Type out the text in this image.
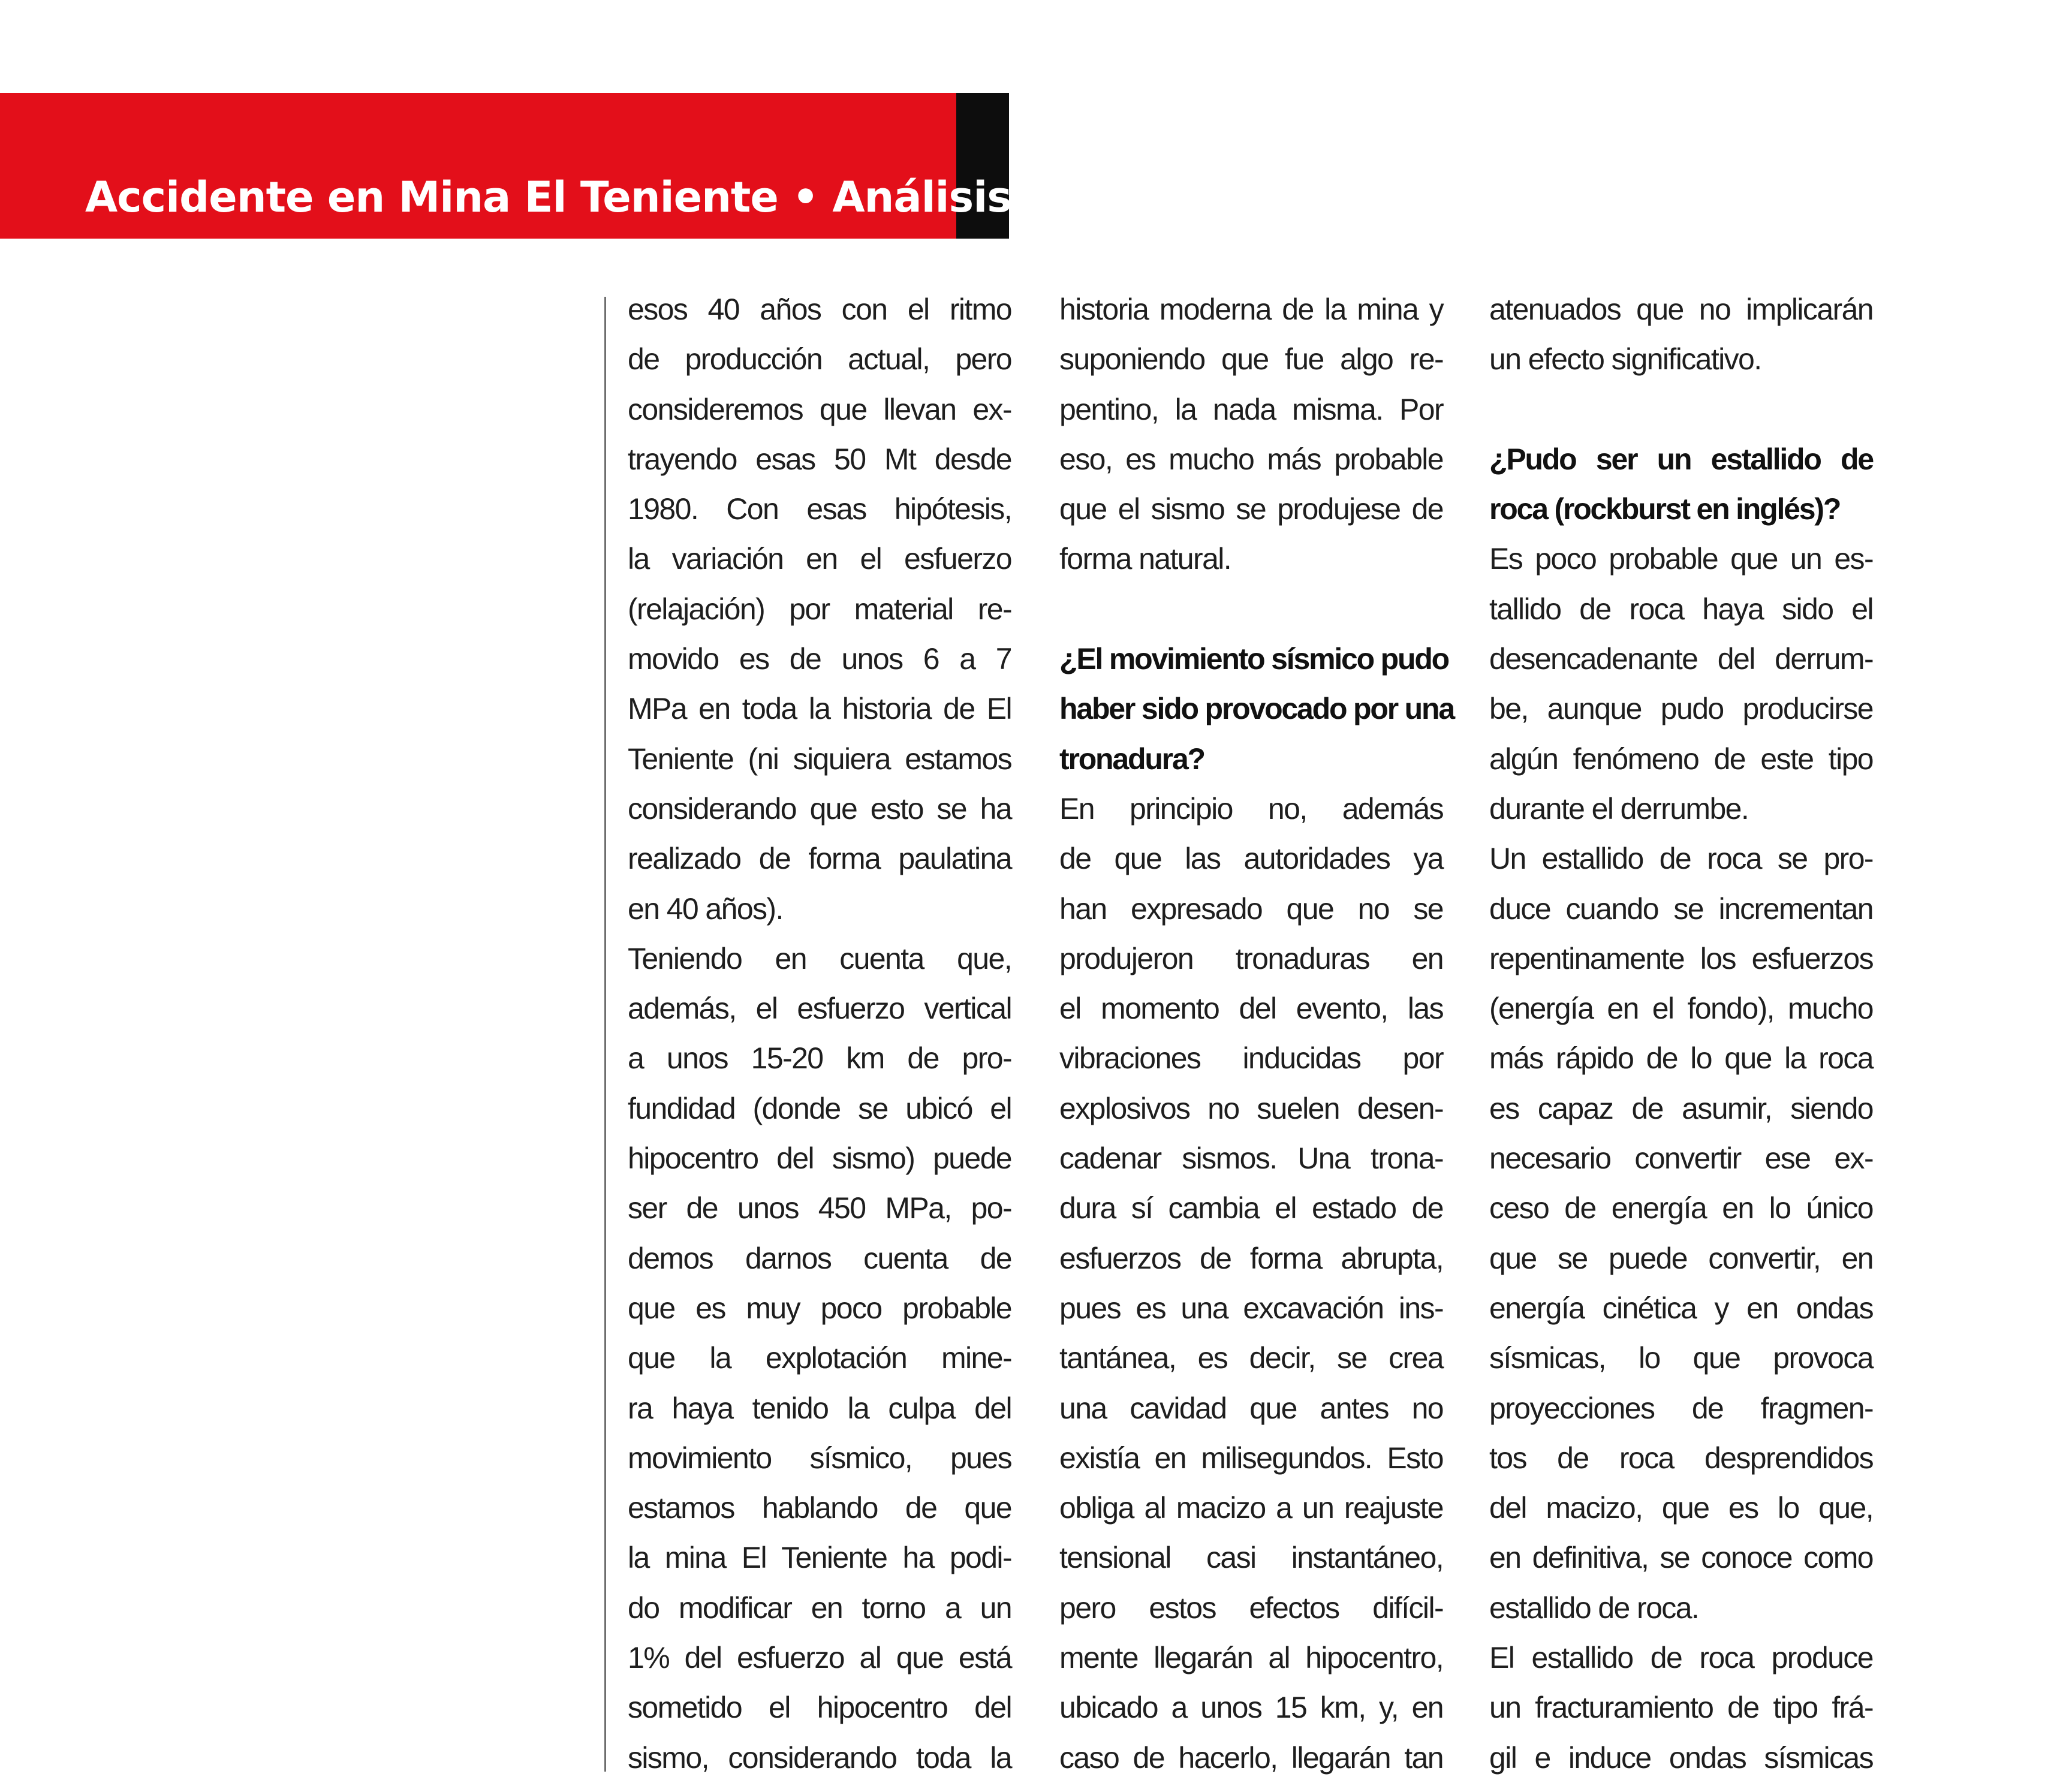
Accidente en Mina El Teniente • Análisis
esos 40 años con el ritmo
de producción actual, pero
consideremos que llevan ex-
trayendo esas 50 Mt desde
1980. Con esas hipótesis,
la variación en el esfuerzo
(relajación) por material re-
movido es de unos 6 a 7
MPa en toda la historia de El
Teniente (ni siquiera estamos
considerando que esto se ha
realizado de forma paulatina
en 40 años).
Teniendo en cuenta que,
además, el esfuerzo vertical
a unos 15-20 km de pro-
fundidad (donde se ubicó el
hipocentro del sismo) puede
ser de unos 450 MPa, po-
demos darnos cuenta de
que es muy poco probable
que la explotación mine-
ra haya tenido la culpa del
movimiento sísmico, pues
estamos hablando de que
la mina El Teniente ha podi-
do modificar en torno a un
1% del esfuerzo al que está
sometido el hipocentro del
sismo, considerando toda la
historia moderna de la mina y
suponiendo que fue algo re-
pentino, la nada misma. Por
eso, es mucho más probable
que el sismo se produjese de
forma natural.
¿El movimiento sísmico pudo
haber sido provocado por una
tronadura?
En principio no, además
de que las autoridades ya
han expresado que no se
produjeron tronaduras en
el momento del evento, las
vibraciones inducidas por
explosivos no suelen desen-
cadenar sismos. Una trona-
dura sí cambia el estado de
esfuerzos de forma abrupta,
pues es una excavación ins-
tantánea, es decir, se crea
una cavidad que antes no
existía en milisegundos. Esto
obliga al macizo a un reajuste
tensional casi instantáneo,
pero estos efectos difícil-
mente llegarán al hipocentro,
ubicado a unos 15 km, y, en
caso de hacerlo, llegarán tan
atenuados que no implicarán
un efecto significativo.
¿Pudo ser un estallido de
roca (rockburst en inglés)?
Es poco probable que un es-
tallido de roca haya sido el
desencadenante del derrum-
be, aunque pudo producirse
algún fenómeno de este tipo
durante el derrumbe.
Un estallido de roca se pro-
duce cuando se incrementan
repentinamente los esfuerzos
(energía en el fondo), mucho
más rápido de lo que la roca
es capaz de asumir, siendo
necesario convertir ese ex-
ceso de energía en lo único
que se puede convertir, en
energía cinética y en ondas
sísmicas, lo que provoca
proyecciones de fragmen-
tos de roca desprendidos
del macizo, que es lo que,
en definitiva, se conoce como
estallido de roca.
El estallido de roca produce
un fracturamiento de tipo frá-
gil e induce ondas sísmicas
